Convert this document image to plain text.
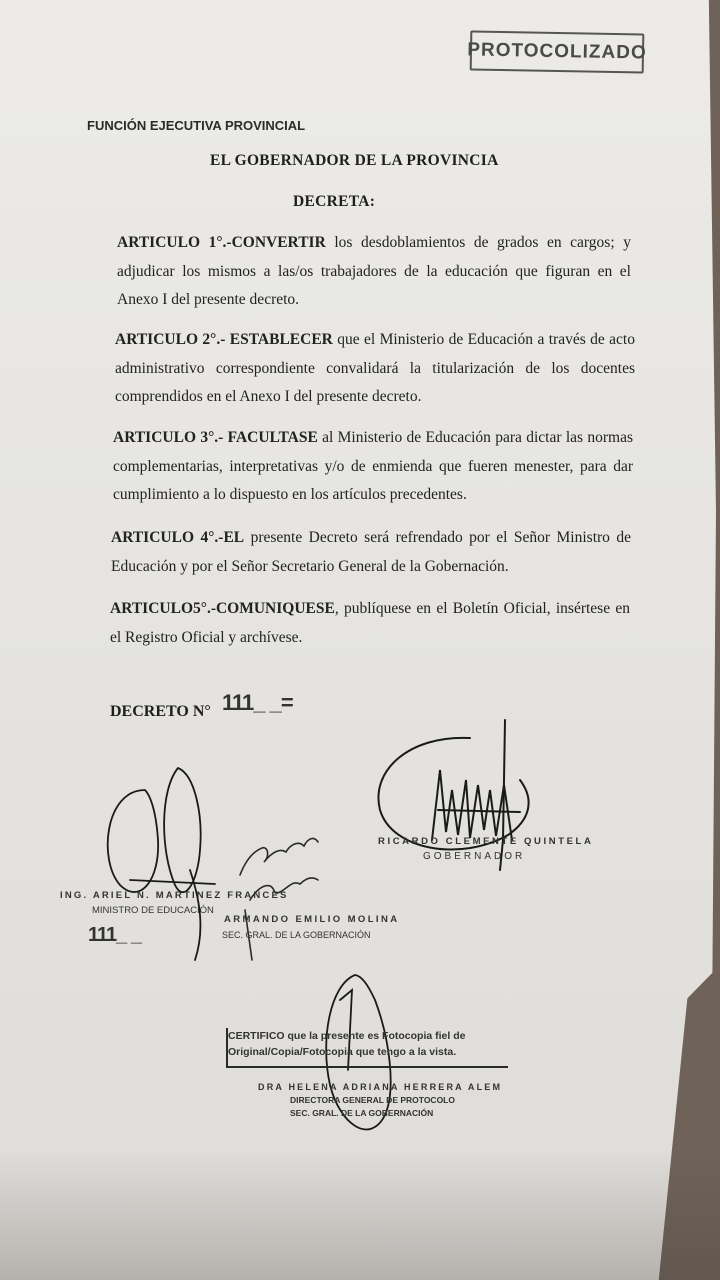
PROTOCOLIZADO
FUNCIÓN EJECUTIVA PROVINCIAL
EL GOBERNADOR DE LA PROVINCIA
DECRETA:
ARTICULO 1°.-CONVERTIR los desdoblamientos de grados en cargos; y adjudicar los mismos a las/os trabajadores de la educación que figuran en el Anexo I del presente decreto.
ARTICULO 2°.- ESTABLECER que el Ministerio de Educación a través de acto administrativo correspondiente convalidará la titularización de los docentes comprendidos en el Anexo I del presente decreto.
ARTICULO 3°.- FACULTASE al Ministerio de Educación para dictar las normas complementarias, interpretativas y/o de enmienda que fueren menester, para dar cumplimiento a lo dispuesto en los artículos precedentes.
ARTICULO 4°.-EL presente Decreto será refrendado por el Señor Ministro de Educación y por el Señor Secretario General de la Gobernación.
ARTICULO5°.-COMUNIQUESE, publíquese en el Boletín Oficial, insértese en el Registro Oficial y archívese.
DECRETO N° 111_ _=
RICARDO CLEMENTE QUINTELA
GOBERNADOR
ING. ARIEL N. MARTINEZ FRANCES
MINISTRO DE EDUCACIÓN
111_ _
ARMANDO EMILIO MOLINA
SEC. GRAL. DE LA GOBERNACIÓN
CERTIFICO que la presente es Fotocopia fiel de
Original/Copia/Fotocopia que tengo a la vista.
DRA HELENA ADRIANA HERRERA ALEM
DIRECTORA GENERAL DE PROTOCOLO
SEC. GRAL. DE LA GOBERNACIÓN
